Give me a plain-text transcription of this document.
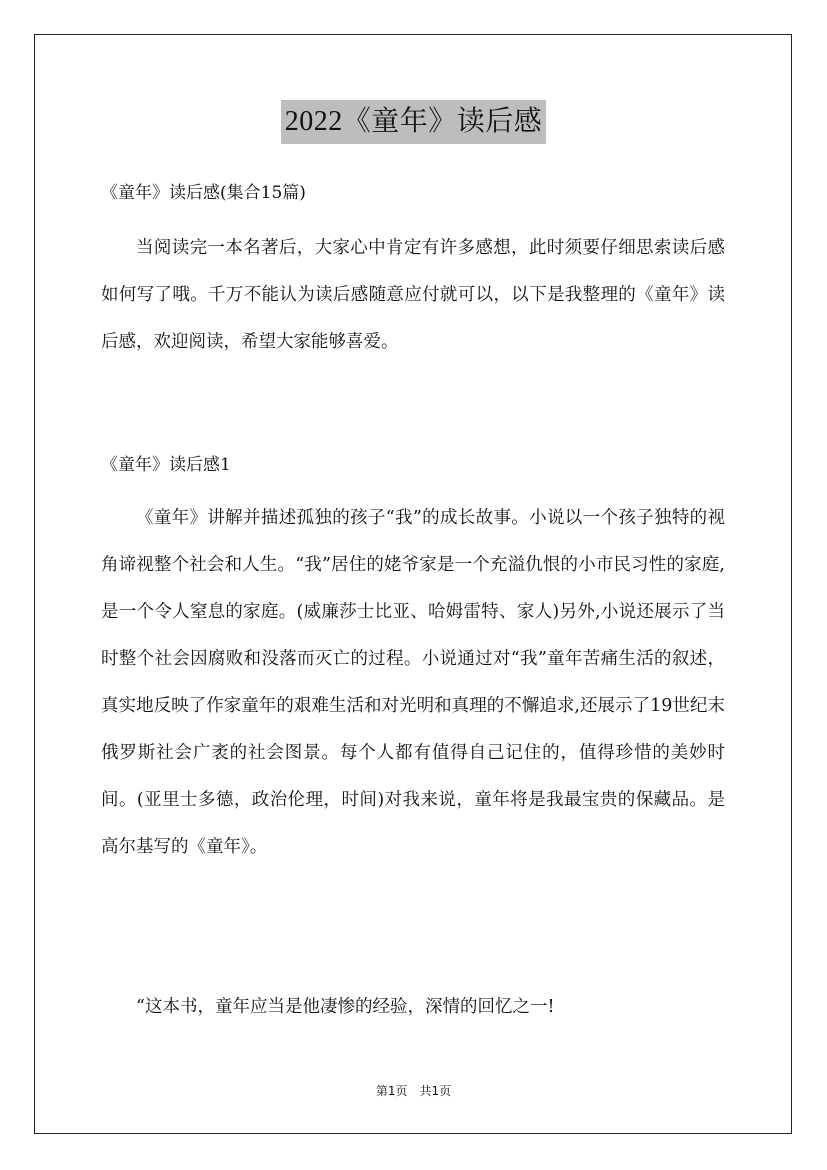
2022《童年》读后感
《童年》读后感(集合15篇)

当阅读完一本名著后，大家心中肯定有许多感想，此时须要仔细思索读后感如何写了哦。千万不能认为读后感随意应付就可以，以下是我整理的《童年》读后感，欢迎阅读，希望大家能够喜爱。

《童年》读后感1

《童年》讲解并描述孤独的孩子“我”的成长故事。小说以一个孩子独特的视角谛视整个社会和人生。“我”居住的姥爷家是一个充溢仇恨的小市民习性的家庭,是一个令人窒息的家庭。(威廉莎士比亚、哈姆雷特、家人)另外,小说还展示了当时整个社会因腐败和没落而灭亡的过程。小说通过对“我”童年苦痛生活的叙述，真实地反映了作家童年的艰难生活和对光明和真理的不懈追求,还展示了19世纪末俄罗斯社会广袤的社会图景。每个人都有值得自己记住的，值得珍惜的美妙时间。(亚里士多德，政治伦理，时间)对我来说，童年将是我最宝贵的保藏品。是高尔基写的《童年》。

“这本书，童年应当是他凄惨的经验，深情的回忆之一!

第1页　共1页
